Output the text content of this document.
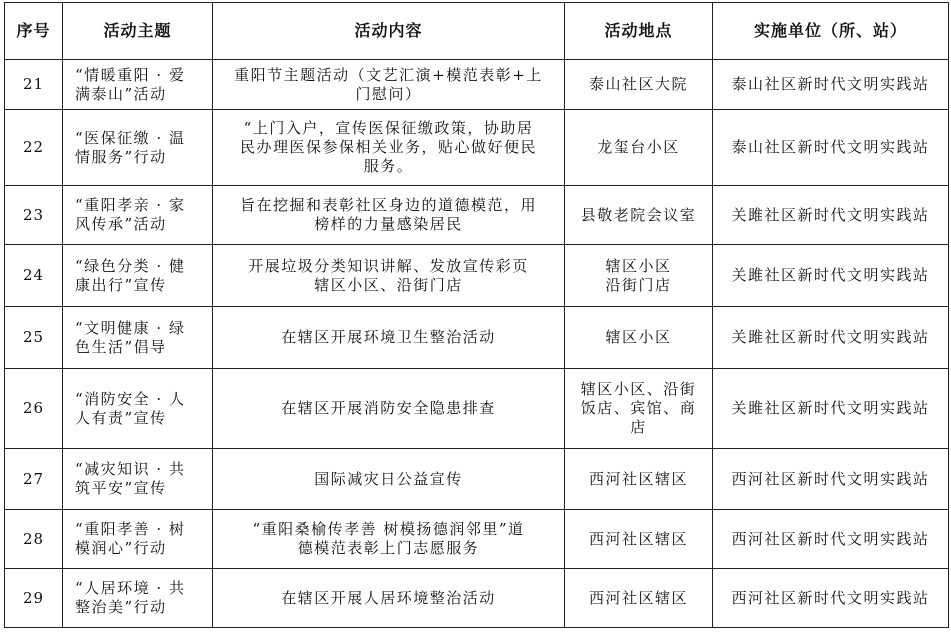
序号	活动主题	活动内容	活动地点	实施单位（所、站）
21	“情暖重阳 · 爱
满泰山”活动	重阳节主题活动（文艺汇演+模范表彰+上
门慰问）	泰山社区大院	泰山社区新时代文明实践站
22	“医保征缴 · 温
情服务”行动	“上门入户，宣传医保征缴政策，协助居
民办理医保参保相关业务，贴心做好便民
服务。	龙玺台小区	泰山社区新时代文明实践站
23	“重阳孝亲 · 家
风传承”活动	旨在挖掘和表彰社区身边的道德模范，用
榜样的力量感染居民	县敬老院会议室	关雎社区新时代文明实践站
24	“绿色分类 · 健
康出行”宣传	开展垃圾分类知识讲解、发放宣传彩页
辖区小区、沿街门店	辖区小区
沿街门店	关雎社区新时代文明实践站
25	“文明健康 · 绿
色生活”倡导	在辖区开展环境卫生整治活动	辖区小区	关雎社区新时代文明实践站
26	“消防安全 · 人
人有责”宣传	在辖区开展消防安全隐患排查	辖区小区、沿街
饭店、宾馆、商
店	关雎社区新时代文明实践站
27	“减灾知识 · 共
筑平安”宣传	国际减灾日公益宣传	西河社区辖区	西河社区新时代文明实践站
28	“重阳孝善 · 树
模润心”行动	“重阳桑榆传孝善 树模扬德润邻里”道
德模范表彰上门志愿服务	西河社区辖区	西河社区新时代文明实践站
29	“人居环境 · 共
整治美”行动	在辖区开展人居环境整治活动	西河社区辖区	西河社区新时代文明实践站
